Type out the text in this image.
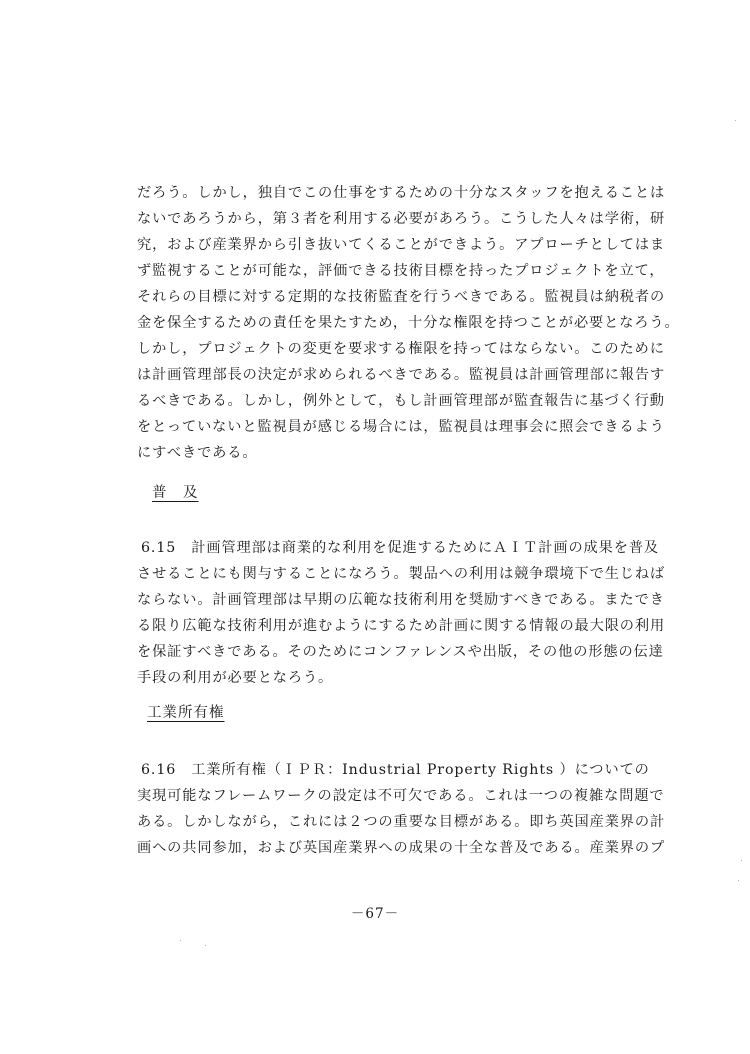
だろう。しかし，独自でこの仕事をするための十分なスタッフを抱えることは
ないであろうから，第３者を利用する必要があろう。こうした人々は学術，研
究，および産業界から引き抜いてくることができよう。アプローチとしてはま
ず監視することが可能な，評価できる技術目標を持ったプロジェクトを立て，
それらの目標に対する定期的な技術監査を行うべきである。監視員は納税者の
金を保全するための責任を果たすため，十分な権限を持つことが必要となろう。
しかし，プロジェクトの変更を要求する権限を持ってはならない。このために
は計画管理部長の決定が求められるべきである。監視員は計画管理部に報告す
るべきである。しかし，例外として，もし計画管理部が監査報告に基づく行動
をとっていないと監視員が感じる場合には，監視員は理事会に照会できるよう
にすべきである。
普　及
6.15　計画管理部は商業的な利用を促進するためにＡＩＴ計画の成果を普及
させることにも関与することになろう。製品への利用は競争環境下で生じねば
ならない。計画管理部は早期の広範な技術利用を奨励すべきである。またでき
る限り広範な技術利用が進むようにするため計画に関する情報の最大限の利用
を保証すべきである。そのためにコンファレンスや出版，その他の形態の伝達
手段の利用が必要となろう。
工業所有権
6.16　工業所有権（ＩＰＲ：Industrial Property Rights ）についての
実現可能なフレームワークの設定は不可欠である。これは一つの複雑な問題で
ある。しかしながら，これには２つの重要な目標がある。即ち英国産業界の計
画への共同参加，および英国産業界への成果の十全な普及である。産業界のプ
－67－
